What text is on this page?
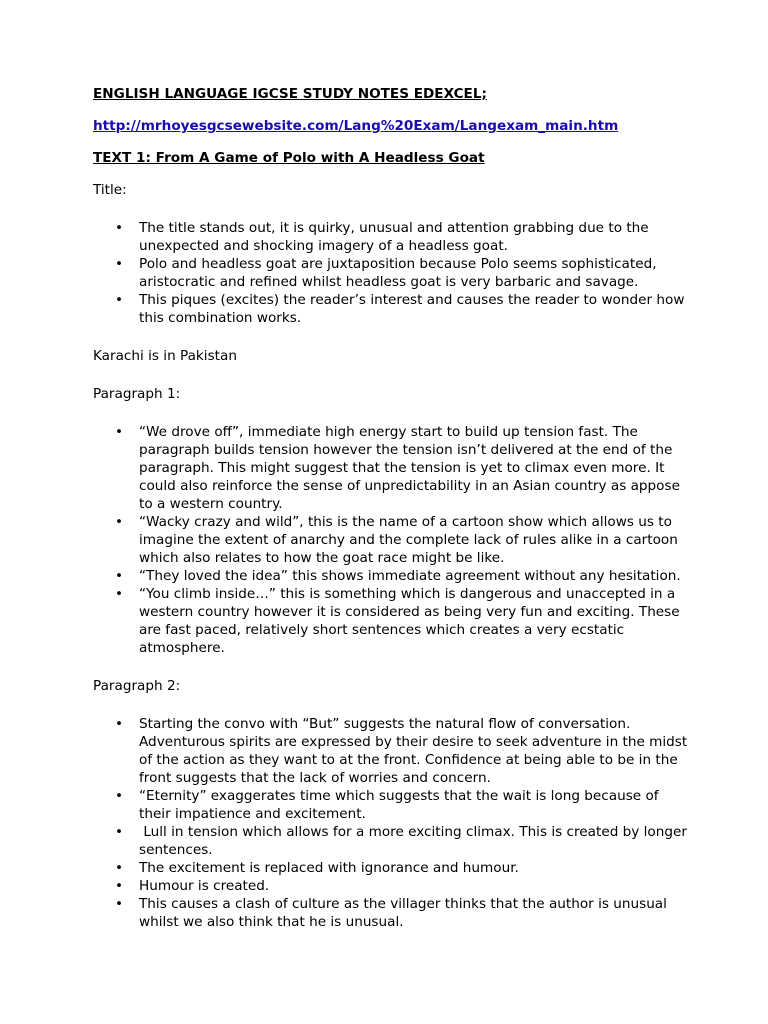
ENGLISH LANGUAGE IGCSE STUDY NOTES EDEXCEL;

http://mrhoyesgcsewebsite.com/Lang%20Exam/Langexam_main.htm

TEXT 1: From A Game of Polo with A Headless Goat

Title:

• The title stands out, it is quirky, unusual and attention grabbing due to the unexpected and shocking imagery of a headless goat.
• Polo and headless goat are juxtaposition because Polo seems sophisticated, aristocratic and refined whilst headless goat is very barbaric and savage.
• This piques (excites) the reader’s interest and causes the reader to wonder how this combination works.

Karachi is in Pakistan

Paragraph 1:

• “We drove off”, immediate high energy start to build up tension fast. The paragraph builds tension however the tension isn’t delivered at the end of the paragraph. This might suggest that the tension is yet to climax even more. It could also reinforce the sense of unpredictability in an Asian country as appose to a western country.
• “Wacky crazy and wild”, this is the name of a cartoon show which allows us to imagine the extent of anarchy and the complete lack of rules alike in a cartoon which also relates to how the goat race might be like.
• “They loved the idea” this shows immediate agreement without any hesitation.
• “You climb inside…” this is something which is dangerous and unaccepted in a western country however it is considered as being very fun and exciting. These are fast paced, relatively short sentences which creates a very ecstatic atmosphere.

Paragraph 2:

• Starting the convo with “But” suggests the natural flow of conversation. Adventurous spirits are expressed by their desire to seek adventure in the midst of the action as they want to at the front. Confidence at being able to be in the front suggests that the lack of worries and concern.
• “Eternity” exaggerates time which suggests that the wait is long because of their impatience and excitement.
• Lull in tension which allows for a more exciting climax. This is created by longer sentences.
• The excitement is replaced with ignorance and humour.
• Humour is created.
• This causes a clash of culture as the villager thinks that the author is unusual whilst we also think that he is unusual.
